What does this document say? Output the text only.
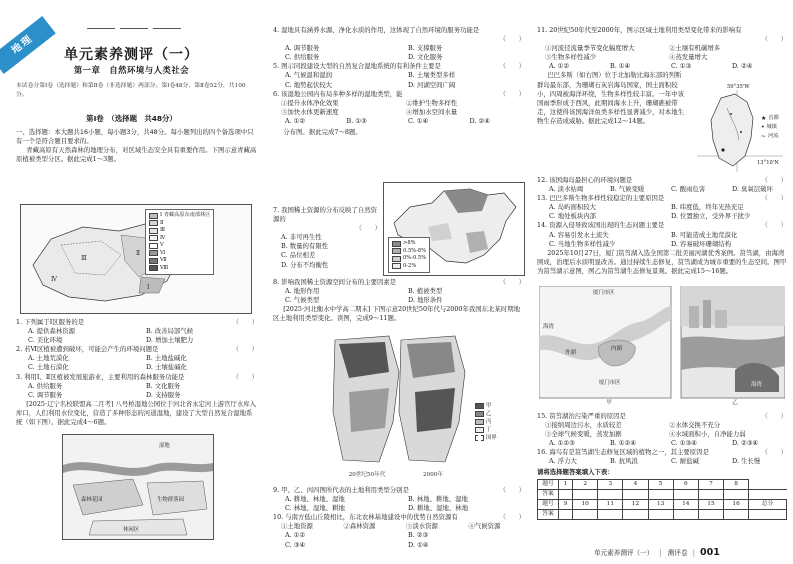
地理	单元素养测评（一）
第一章　自然环境与人类社会
本试卷分第Ⅰ卷（选择题）和第Ⅱ卷（非选择题）两部分。第Ⅰ卷48分，第Ⅱ卷52分，共100分。
第Ⅰ卷　（选择题　共48分）

一、选择题：本大题共16小题，每小题3分，共48分。每小题列出的四个备选项中只有一个是符合题目要求的。

青藏高原有天然森林的地理分布，对区域生态安全具有重要作用。下图示意青藏高原植被类型分区。据此完成1～3题。

Ⅲ
Ⅱ
Ⅰ
Ⅳ
Ⅰ 青藏高原东南部林区
Ⅱ
Ⅲ
Ⅳ
Ⅴ
Ⅵ
Ⅶ
Ⅷ

1. 下列属于Ⅰ区服务的是	（　　）

A. 提供森林资源	B. 改善局部气候
C. 美化环境	D. 增加土壤肥力

2. 若Ⅵ区植被遭到破坏，可能会产生的环境问题是	（　　）

A. 土地荒漠化	B. 土地盐碱化
C. 土地石漠化	D. 土壤盐碱化

3. 利用Ⅰ、Ⅱ区植被发展旅游业，主要利用的森林服务功能是	（　　）

A. 供给服务	B. 文化服务
C. 调节服务	D. 支持服务

[2025·辽宁名校联盟高二月考] 八号桥湿地公园位于河北省永定河上游官厅水库入库口，人们利用水位变化，营造了多种形态的河道湿地，建设了大型自然复合湿地系统（如下图）。据此完成4～6题。

湿地
森林花园	生物群落园
休闲区

4. 湿地具有涵养水源、净化水质的作用，这体现了自然环境的服务功能是

（　　）

A. 调节服务	B. 支撑服务
C. 供给服务	D. 文化服务

5. 图示同段建设大型的自然复合湿地系统的有利条件主要是	（　　）

A. 气候温和湿润	B. 土壤类型多样
C. 地势起伏较大	D. 河湖空间广阔

6. 该湿地公园内布局多种多样的湿地类型，能	（　　）

①提升水体净化效果	②维护生物多样性
③加快水体更新速度	④增加水空间水量
A. ①②	B. ①③	C. ①④	D. ②④

分布图。据此完成7～8题。

>8%
0.5%-8%
0%-0.5%
0-2%

7. 我国稀土资源的分布反映了自然资源的

（　　）

A. 非可再生性
B. 数量的有限性
C. 品位相差
D. 分布不均衡性

8. 影响我国稀土资源空间分布的主要因素是	（　　）

A. 地形作用	B. 植被类型
C. 气候类型	D. 地形条件

[2025·河北衡水中学高二期末] 下图示意20世纪50年代与2000年我国东北某时期地区土地利用类型变化。读图，完成9～11题。

20世纪50年代	2000年
甲
乙
丙
丁
国界

9. 甲、乙、丙四图所代表的土地利用类型分别是	（　　）

A. 耕地、林地、湿地	B. 林地、耕地、湿地
C. 林地、湿地、耕地	D. 耕地、湿地、林地

10. 与南方低山丘陵相比，东北农林基地建设中的优势自然资源有	（　　）

①土地资源	②森林资源	③淡水资源	④气候资源
A. ①②	B. ②③
C. ③④	D. ①④

11. 20世纪50年代至2000年，图示区域土地利用类型变化带来的影响有

（　　）

①河流径流量季节变化幅度增大	②土壤有机碳增多
③生物多样性减少	④蒸发量增大
A. ①②	B. ①④	C. ①③	D. ②④

巴巴多斯（如右图）位于北加勒比海东部的列斯群岛最东部，为珊瑚石灰岩海岛国家，国土面积较小，四周被海洋环绕，生物多样性较丰富。一年中该国雨季形成于西风，此期间海水上升，珊瑚礁被带走，这使得该国海洋鱼类多样性显著减少，对本地生物生存造成威胁。据此完成12～14题。

59°35'W
13°10'N
★ 首都
• 城镇
~ 河流

12. 该国海岛最担心的环境问题是	（　　）

A. 淡水枯竭	B. 气候变暖	C. 酸雨危害	D. 臭氧层破坏

13. 巴巴多斯生物多样性较稳定的主要原因是	（　　）

A. 岛屿面积较大	B. 纬度低，终年光热充足
C. 地处板块内部	D. 位置独立，受外界干扰少

14. 资源入侵导致该国出现的生态问题主要是	（　　）

A. 容易引发水土流失	B. 可能造成土地荒漠化
C. 当地生物多样性减少	D. 容易破坏珊瑚结构

2025年10月27日，厦门筼筜湖入选全国第二批美丽河湖优秀案例。筼筜湖，由海湾围成，治理后水质明显改善。通过持续生态修复，筼筜湖成为城市重要的生态空间。图甲为筼筜湖示意图，图乙为筼筜湖生态修复景观。据此完成15～16题。

厦门市区
海湾
内湖
外湖
厦门市区	海湾
甲	乙

15. 筼筜湖治污染严重的原因是	（　　）

①接纳周边污水，水质较差	②水体交换不充分
③全球气候变暖，蒸发加剧	④水域面积小，自净能力弱
A. ①②③	B. ①②④	C. ①③④	D. ②③④

16. 海鸟有是筼筜湖生态修复区域的植物之一，其主要原因是	（　　）

A. 浮力大	B. 抗风浪	C. 耐盐碱	D. 生长慢

请将选择题答案填入下表：

题号	1	2	3	4	5	6	7	8	
答案									
题号	9	10	11	12	13	14	15	16	总分
答案									
单元素养测评（一） | 测评卷 | 001
